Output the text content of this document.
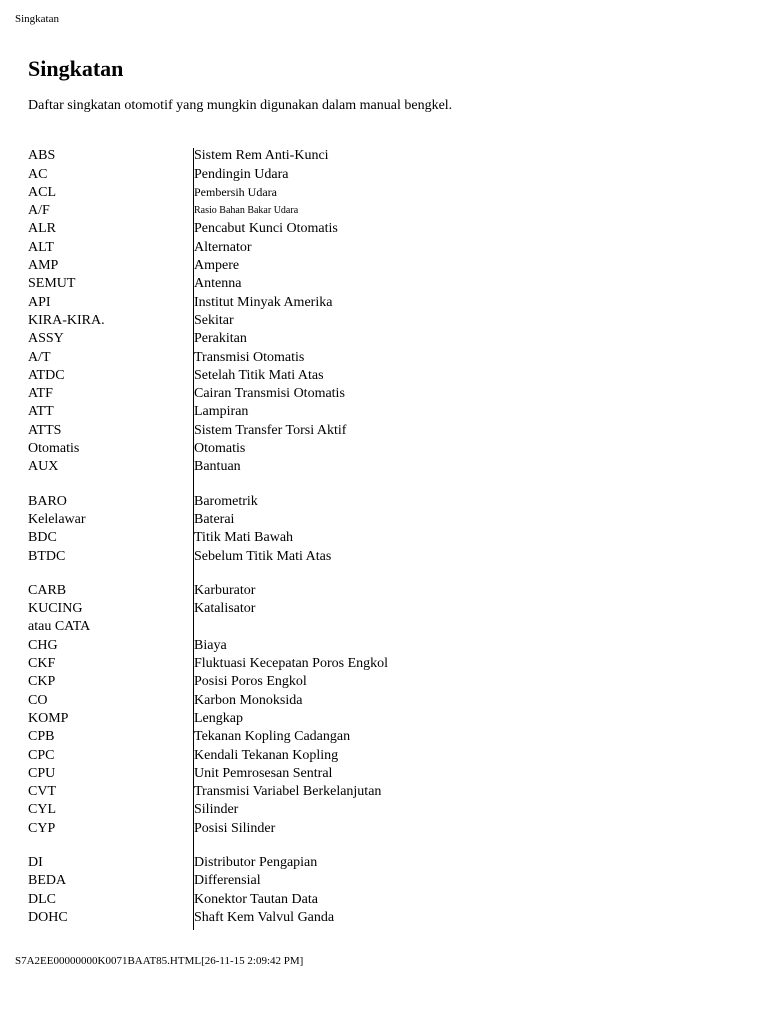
Singkatan
Singkatan
Daftar singkatan otomotif yang mungkin digunakan dalam manual bengkel.
ABS	Sistem Rem Anti-Kunci
AC	Pendingin Udara
ACL	Pembersih Udara
A/F	Rasio Bahan Bakar Udara
ALR	Pencabut Kunci Otomatis
ALT	Alternator
AMP	Ampere
SEMUT	Antenna
API	Institut Minyak Amerika
KIRA-KIRA.	Sekitar
ASSY	Perakitan
A/T	Transmisi Otomatis
ATDC	Setelah Titik Mati Atas
ATF	Cairan Transmisi Otomatis
ATT	Lampiran
ATTS	Sistem Transfer Torsi Aktif
Otomatis	Otomatis
AUX	Bantuan
BARO	Barometrik
Kelelawar	Baterai
BDC	Titik Mati Bawah
BTDC	Sebelum Titik Mati Atas
CARB	Karburator
KUCING	Katalisator
atau CATA
CHG	Biaya
CKF	Fluktuasi Kecepatan Poros Engkol
CKP	Posisi Poros Engkol
CO	Karbon Monoksida
KOMP	Lengkap
CPB	Tekanan Kopling Cadangan
CPC	Kendali Tekanan Kopling
CPU	Unit Pemrosesan Sentral
CVT	Transmisi Variabel Berkelanjutan
CYL	Silinder
CYP	Posisi Silinder
DI	Distributor Pengapian
BEDA	Differensial
DLC	Konektor Tautan Data
DOHC	Shaft Kem Valvul Ganda
S7A2EE00000000K0071BAAT85.HTML[26-11-15 2:09:42 PM]
